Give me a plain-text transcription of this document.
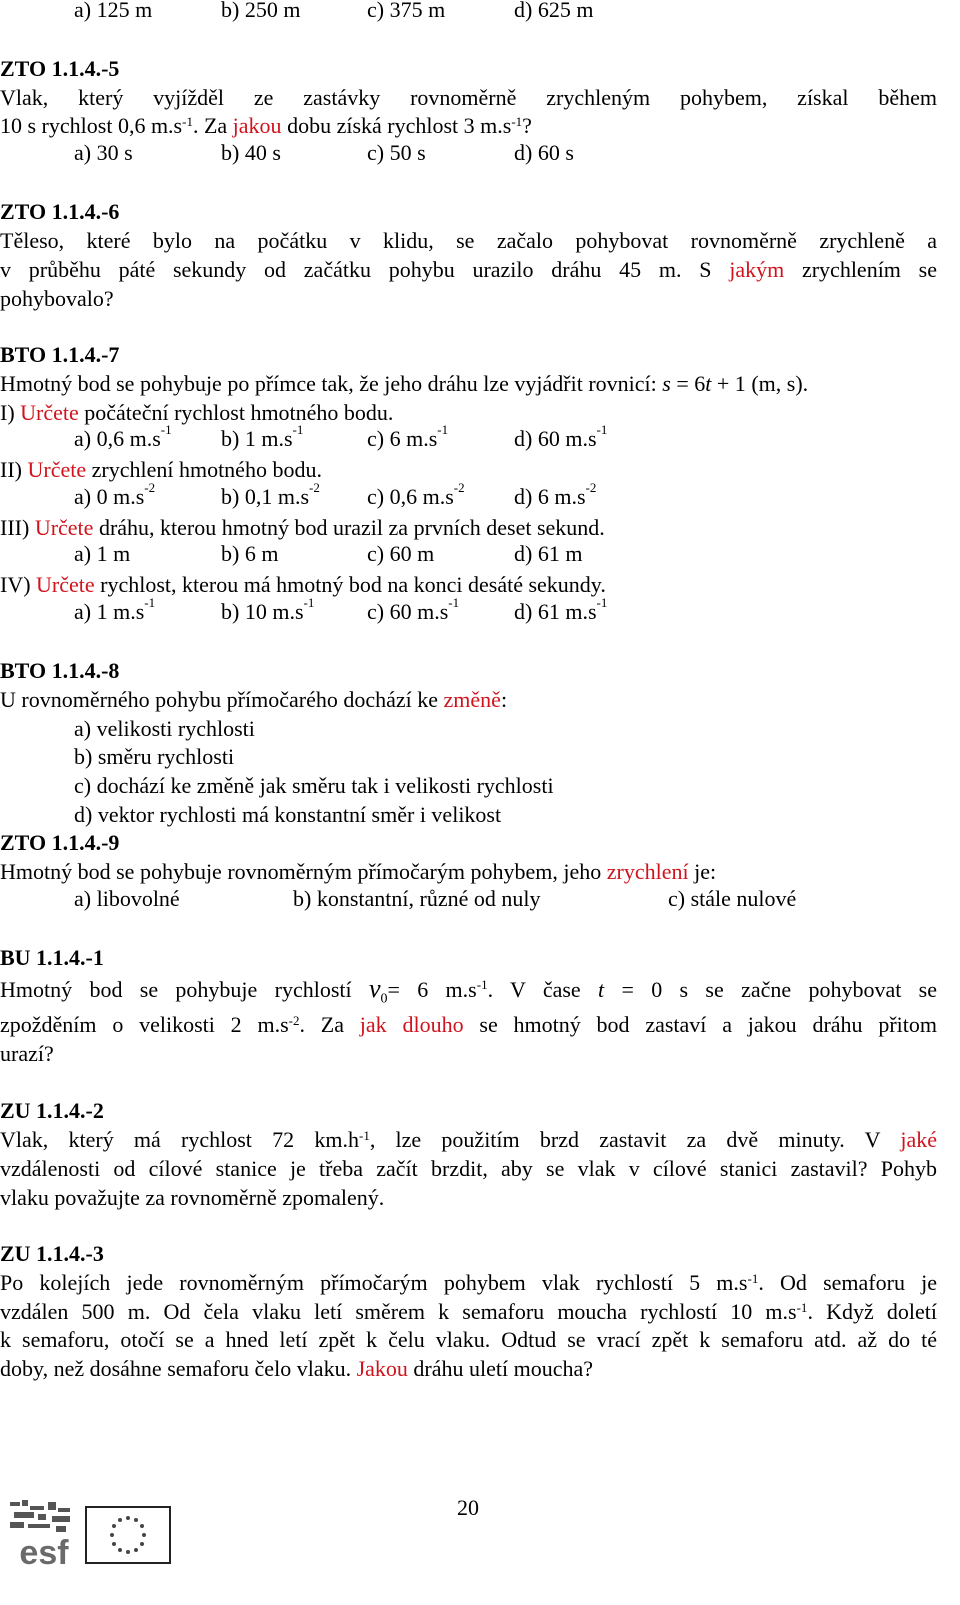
a) 125 m	b) 250 m	c) 375 m	d) 625 m
ZTO 1.1.4.-5
Vlak, který vyjížděl ze zastávky rovnoměrně zrychleným pohybem, získal během
10 s rychlost 0,6 $m.s^{-1}$. Za jakou dobu získá rychlost 3 $m.s^{-1}$?
a) 30 s	b) 40 s	c) 50 s	d) 60 s
ZTO 1.1.4.-6
Těleso, které bylo na počátku v klidu, se začalo pohybovat rovnoměrně zrychleně a
v průběhu páté sekundy od začátku pohybu urazilo dráhu 45 m. S jakým zrychlením se
pohybovalo?
BTO 1.1.4.-7
Hmotný bod se pohybuje po přímce tak, že jeho dráhu lze vyjádřit rovnicí: s = 6t + 1 (m, s).
I) Určete počáteční rychlost hmotného bodu.
a) 0,6 $m.s^{-1}$ b) 1 $m.s^{-1}$	c) 6 $m.s^{-1}$	d) 60 $m.s^{-1}$
II) Určete zrychlení hmotného bodu.
a) 0 $m.s^{-2}$	b) 0,1 $m.s^{-2}$ c) 0,6 $m.s^{-2}$ d) 6 $m.s^{-2}$
III) Určete dráhu, kterou hmotný bod urazil za prvních deset sekund.
a) 1 m	b) 6 m	c) 60 m	d) 61 m
IV) Určete rychlost, kterou má hmotný bod na konci desáté sekundy.
a) 1 $m.s^{-1}$	b) 10 $m.s^{-1}$ c) 60 $m.s^{-1}$ d) 61 $m.s^{-1}$
BTO 1.1.4.-8
U rovnoměrného pohybu přímočarého dochází ke změně:
a) velikosti rychlosti
b) směru rychlosti
c) dochází ke změně jak směru tak i velikosti rychlosti
d) vektor rychlosti má konstantní směr i velikost
ZTO 1.1.4.-9
Hmotný bod se pohybuje rovnoměrným přímočarým pohybem, jeho zrychlení je:
a) libovolné	b) konstantní, různé od nuly	c) stále nulové
BU 1.1.4.-1
Hmotný bod se pohybuje rychlostí $v_0= 6$ $m.s^{-1}$. V čase t = 0 s se začne pohybovat se
zpožděním o velikosti 2 $m.s^{-2}$. Za jak dlouho se hmotný bod zastaví a jakou dráhu přitom
urazí?
ZU 1.1.4.-2
Vlak, který má rychlost 72 $km.h^{-1}$, lze použitím brzd zastavit za dvě minuty. V jaké
vzdálenosti od cílové stanice je třeba začít brzdit, aby se vlak v cílové stanici zastavil? Pohyb
vlaku považujte za rovnoměrně zpomalený.
ZU 1.1.4.-3
Po kolejích jede rovnoměrným přímočarým pohybem vlak rychlostí 5 $m.s^{-1}$. Od semaforu je
vzdálen 500 m. Od čela vlaku letí směrem k semaforu moucha rychlostí 10 $m.s^{-1}$. Když doletí
k semaforu, otočí se a hned letí zpět k čelu vlaku. Odtud se vrací zpět k semaforu atd. až do té
doby, než dosáhne semaforu čelo vlaku. Jakou dráhu uletí moucha?
20
esf
